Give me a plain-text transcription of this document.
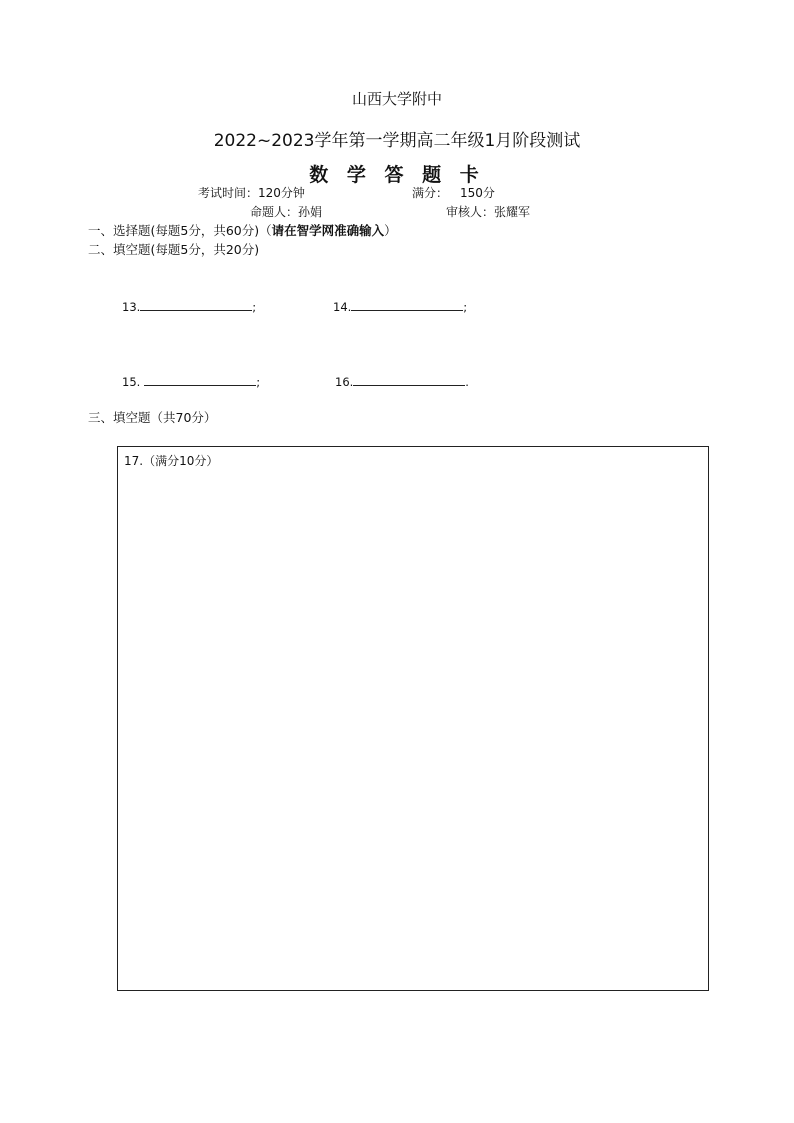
山西大学附中
2022~2023学年第一学期高二年级1月阶段测试
数 学 答 题 卡
考试时间：120分钟	满分： 150分
命题人：孙娟	审核人：张耀军
一、选择题(每题5分，共60分)（请在智学网准确输入）
二、填空题(每题5分，共20分)
13.	;	14.	;
15.	;	16.	.
三、填空题（共70分）
17.（满分10分）
